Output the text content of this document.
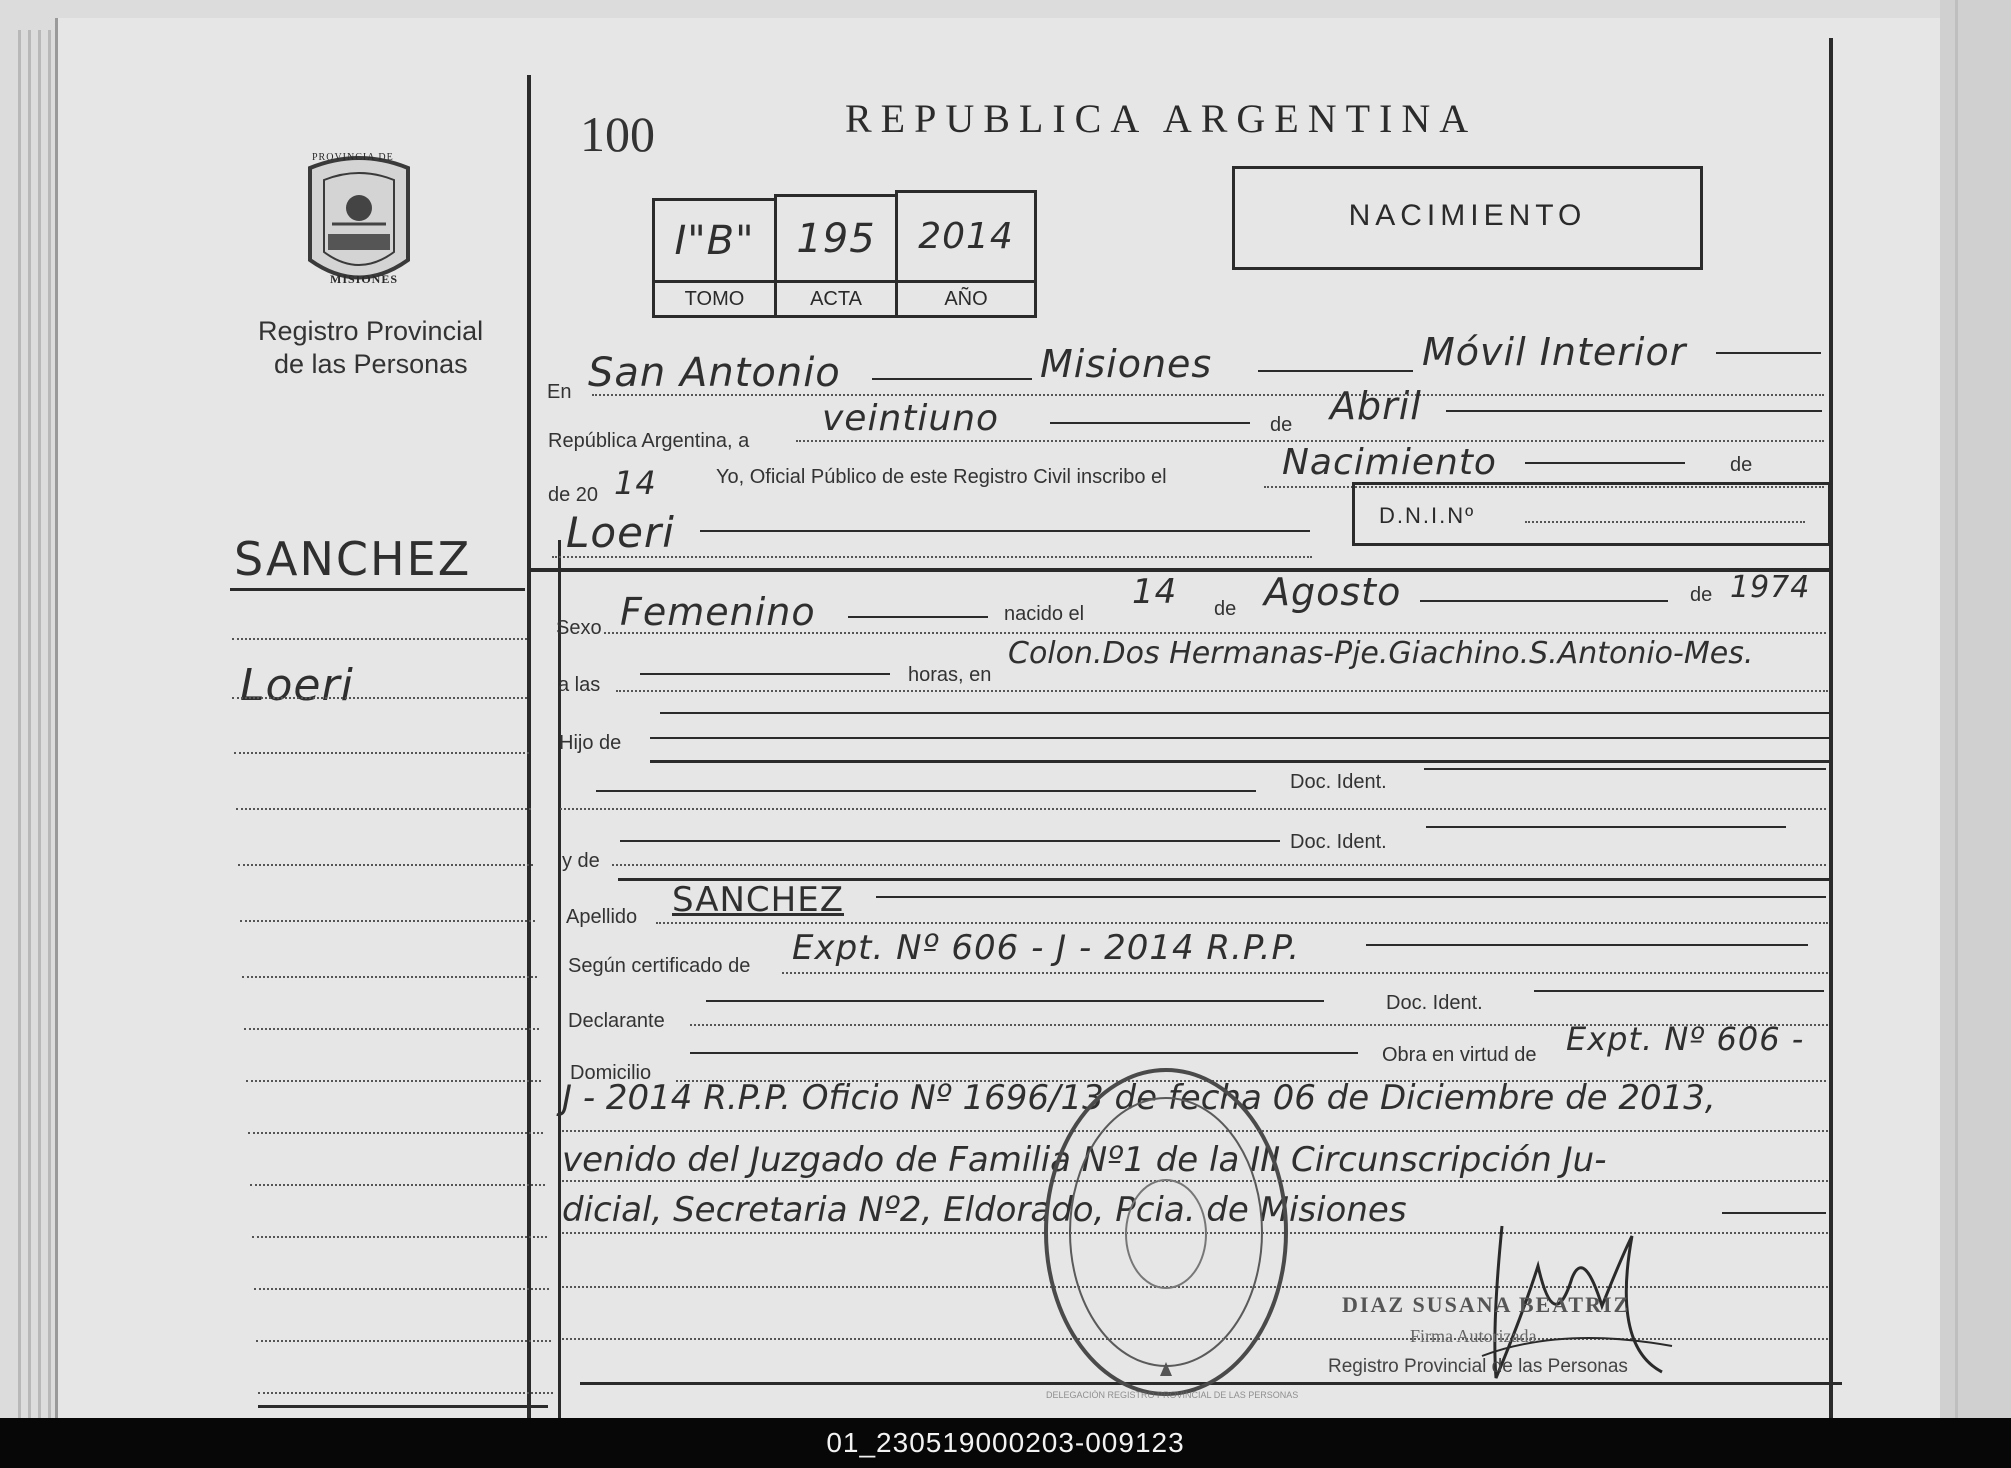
100	REPUBLICA ARGENTINA
NACIMIENTO
PROVINCIA DE
MISIONES
Registro Provincial
de las Personas
I"B"	195	2014
TOMO	ACTA	AÑO
SANCHEZ
Loeri
En San Antonio	Misiones	Móvil Interior
República Argentina, a
veintiuno	de Abril
de 20 14	Yo, Oficial Público de este Registro Civil inscribo el	Nacimiento	de
Loeri	D.N.I.Nº
Sexo Femenino	nacido el
14 de Agosto	de 1974
a las	horas, en
Colon.Dos Hermanas-Pje.Giachino.S.Antonio-Mes.
Hijo de
Doc. Ident.
y de
Doc. Ident.
Apellido SANCHEZ
Según certificado de Expt. Nº 606 - J - 2014 R.P.P.
Declarante
Doc. Ident.
Domicilio
Obra en virtud de Expt. Nº 606 -
J - 2014 R.P.P. Oficio Nº 1696/13 de fecha 06 de Diciembre de 2013,
venido del Juzgado de Familia Nº1 de la III Circunscripción Ju-
dicial, Secretaria Nº2, Eldorado, Pcia. de Misiones
DELEGACIÓN REGISTRO PROVINCIAL DE LAS PERSONAS
DIAZ SUSANA BEATRIZ
Firma Autorizada
Registro Provincial de las Personas
01_230519000203-009123
